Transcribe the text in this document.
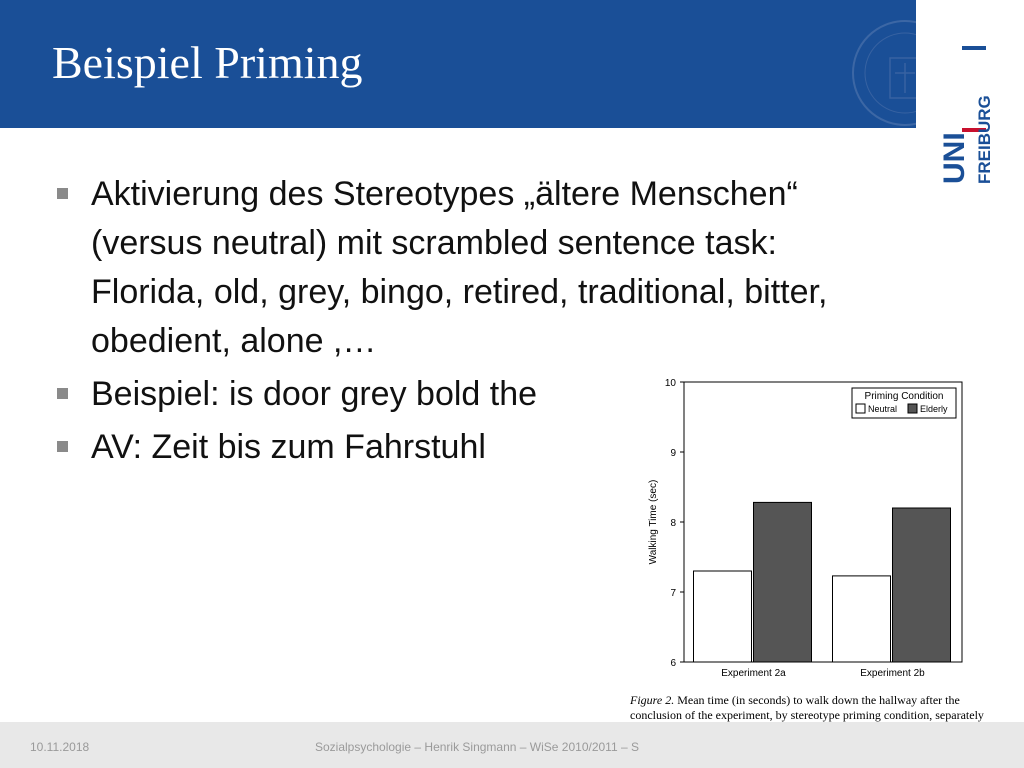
Beispiel Priming
UNI FREIBURG
Aktivierung des Stereotypes „ältere Menschen“ (versus neutral) mit scrambled sentence task: Florida, old, grey, bingo, retired, traditional, bitter, obedient, alone ,…
Beispiel: is door grey bold the
AV: Zeit bis zum Fahrstuhl
6
7
8
9
10
Walking Time (sec)
Experiment 2a	Experiment 2b
Priming Condition
Neutral	Elderly
Figure 2. Mean time (in seconds) to walk down the hallway after the conclusion of the experiment, by stereotype priming condition, separately
10.11.2018	Sozialpsychologie – Henrik Singmann – WiSe 2010/2011 – S
